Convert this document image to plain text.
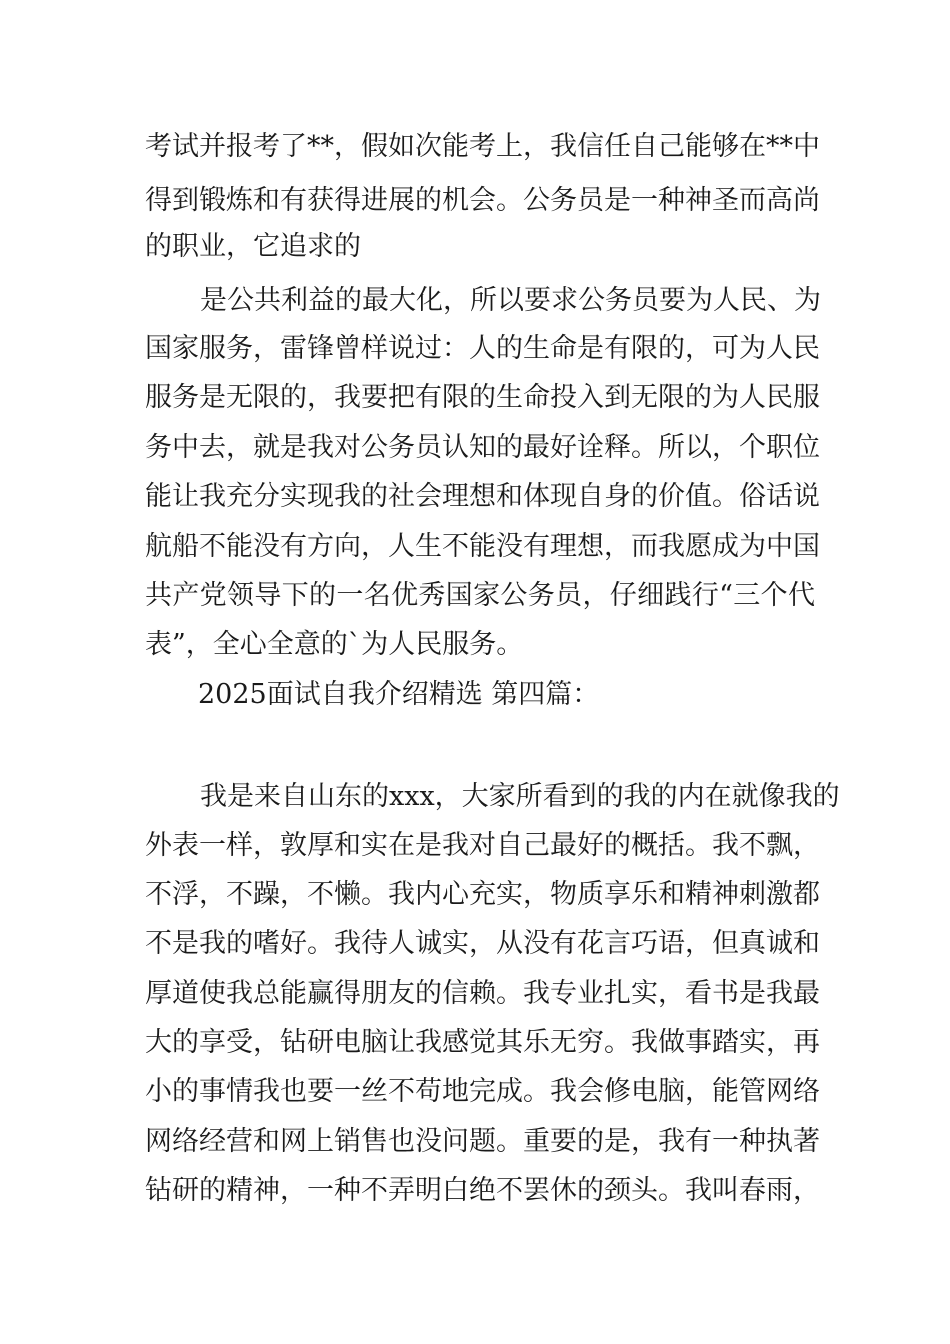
考试并报考了**，假如次能考上，我信任自己能够在**中
得到锻炼和有获得进展的机会。公务员是一种神圣而高尚
的职业，它追求的
是公共利益的最大化，所以要求公务员要为人民、为
国家服务，雷锋曾样说过：人的生命是有限的，可为人民
服务是无限的，我要把有限的生命投入到无限的为人民服
务中去，就是我对公务员认知的最好诠释。所以，个职位
能让我充分实现我的社会理想和体现自身的价值。俗话说
航船不能没有方向，人生不能没有理想，而我愿成为中国
共产党领导下的一名优秀国家公务员，仔细践行“三个代
表”，全心全意的`为人民服务。
2025面试自我介绍精选 第四篇：
我是来自山东的xxx，大家所看到的我的内在就像我的
外表一样，敦厚和实在是我对自己最好的概括。我不飘，
不浮，不躁，不懒。我内心充实，物质享乐和精神刺激都
不是我的嗜好。我待人诚实，从没有花言巧语，但真诚和
厚道使我总能赢得朋友的信赖。我专业扎实，看书是我最
大的享受，钻研电脑让我感觉其乐无穷。我做事踏实，再
小的事情我也要一丝不苟地完成。我会修电脑，能管网络
网络经营和网上销售也没问题。重要的是，我有一种执著
钻研的精神，一种不弄明白绝不罢休的颈头。我叫春雨，
